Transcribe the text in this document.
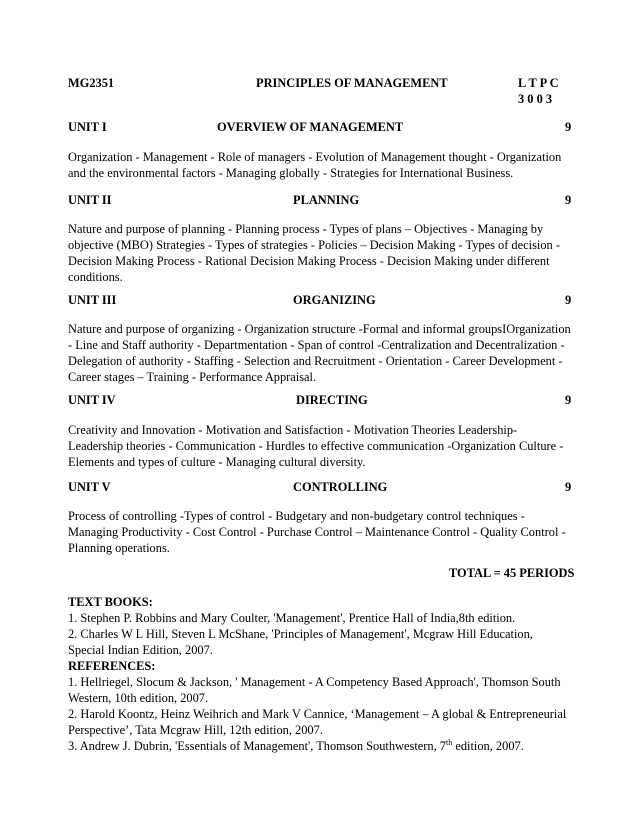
MG2351	PRINCIPLES OF MANAGEMENT	L T P C
3 0 0 3
UNIT I	OVERVIEW OF MANAGEMENT	9
Organization - Management - Role of managers - Evolution of Management thought - Organization
and the environmental factors - Managing globally - Strategies for International Business.
UNIT II	PLANNING	9
Nature and purpose of planning - Planning process - Types of plans – Objectives - Managing by
objective (MBO) Strategies - Types of strategies - Policies – Decision Making - Types of decision -
Decision Making Process - Rational Decision Making Process - Decision Making under different
conditions.
UNIT III	ORGANIZING	9
Nature and purpose of organizing - Organization structure -Formal and informal groupsIOrganization
- Line and Staff authority - Departmentation - Span of control -Centralization and Decentralization -
Delegation of authority - Staffing - Selection and Recruitment - Orientation - Career Development -
Career stages – Training - Performance Appraisal.
UNIT IV	DIRECTING	9
Creativity and Innovation - Motivation and Satisfaction - Motivation Theories Leadership-
Leadership theories - Communication - Hurdles to effective communication -Organization Culture -
Elements and types of culture - Managing cultural diversity.
UNIT V	CONTROLLING	9
Process of controlling -Types of control - Budgetary and non-budgetary control techniques -
Managing Productivity - Cost Control - Purchase Control – Maintenance Control - Quality Control -
Planning operations.
TOTAL = 45 PERIODS
TEXT BOOKS:
1. Stephen P. Robbins and Mary Coulter, 'Management', Prentice Hall of India,8th edition.
2. Charles W L Hill, Steven L McShane, 'Principles of Management', Mcgraw Hill Education,
Special Indian Edition, 2007.
REFERENCES:
1. Hellriegel, Slocum & Jackson, ' Management - A Competency Based Approach', Thomson South
Western, 10th edition, 2007.
2. Harold Koontz, Heinz Weihrich and Mark V Cannice, ‘Management – A global & Entrepreneurial
Perspective’, Tata Mcgraw Hill, 12th edition, 2007.
3. Andrew J. Dubrin, 'Essentials of Management', Thomson Southwestern, 7th edition, 2007.
